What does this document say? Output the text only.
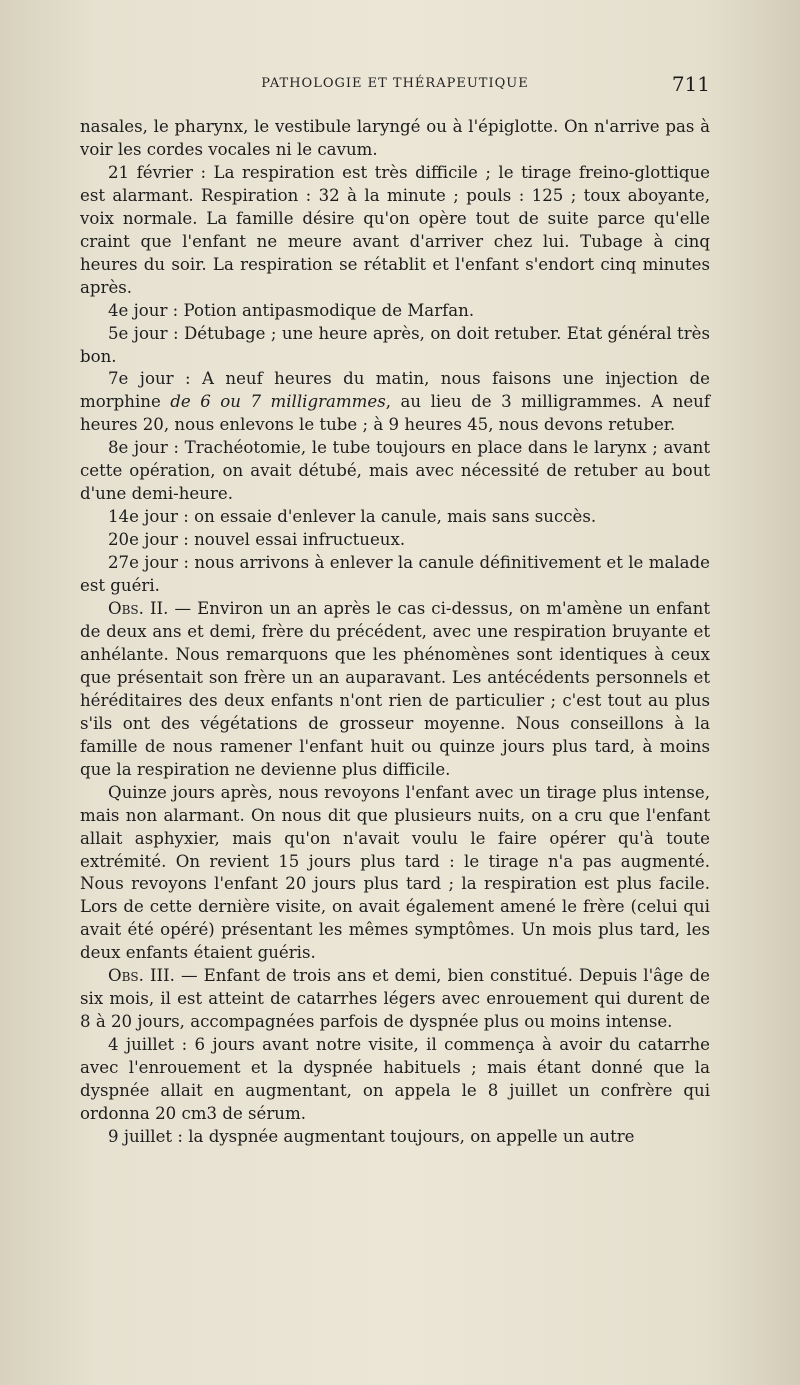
PATHOLOGIE ET THÉRAPEUTIQUE	711

nasales, le pharynx, le vestibule laryngé ou à l'épiglotte. On n'arrive pas à voir les cordes vocales ni le cavum.

21 février : La respiration est très difficile ; le tirage freino-glottique est alarmant. Respiration : 32 à la minute ; pouls : 125 ; toux aboyante, voix normale. La famille désire qu'on opère tout de suite parce qu'elle craint que l'enfant ne meure avant d'arriver chez lui. Tubage à cinq heures du soir. La respiration se rétablit et l'enfant s'endort cinq minutes après.

4e jour : Potion antipasmodique de Marfan.

5e jour : Détubage ; une heure après, on doit retuber. Etat général très bon.

7e jour : A neuf heures du matin, nous faisons une injection de morphine de 6 ou 7 milligrammes, au lieu de 3 milligrammes. A neuf heures 20, nous enlevons le tube ; à 9 heures 45, nous devons retuber.

8e jour : Trachéotomie, le tube toujours en place dans le larynx ; avant cette opération, on avait détubé, mais avec nécessité de retuber au bout d'une demi-heure.

14e jour : on essaie d'enlever la canule, mais sans succès.

20e jour : nouvel essai infructueux.

27e jour : nous arrivons à enlever la canule définitivement et le malade est guéri.

Obs. II. — Environ un an après le cas ci-dessus, on m'amène un enfant de deux ans et demi, frère du précédent, avec une respiration bruyante et anhélante. Nous remarquons que les phénomènes sont identiques à ceux que présentait son frère un an auparavant. Les antécédents personnels et héréditaires des deux enfants n'ont rien de particulier ; c'est tout au plus s'ils ont des végétations de grosseur moyenne. Nous conseillons à la famille de nous ramener l'enfant huit ou quinze jours plus tard, à moins que la respiration ne devienne plus difficile.

Quinze jours après, nous revoyons l'enfant avec un tirage plus intense, mais non alarmant. On nous dit que plusieurs nuits, on a cru que l'enfant allait asphyxier, mais qu'on n'avait voulu le faire opérer qu'à toute extrémité. On revient 15 jours plus tard : le tirage n'a pas augmenté. Nous revoyons l'enfant 20 jours plus tard ; la respiration est plus facile. Lors de cette dernière visite, on avait également amené le frère (celui qui avait été opéré) présentant les mêmes symptômes. Un mois plus tard, les deux enfants étaient guéris.

Obs. III. — Enfant de trois ans et demi, bien constitué. Depuis l'âge de six mois, il est atteint de catarrhes légers avec enrouement qui durent de 8 à 20 jours, accompagnées parfois de dyspnée plus ou moins intense.

4 juillet : 6 jours avant notre visite, il commença à avoir du catarrhe avec l'enrouement et la dyspnée habituels ; mais étant donné que la dyspnée allait en augmentant, on appela le 8 juillet un confrère qui ordonna 20 cm3 de sérum.

9 juillet : la dyspnée augmentant toujours, on appelle un autre
